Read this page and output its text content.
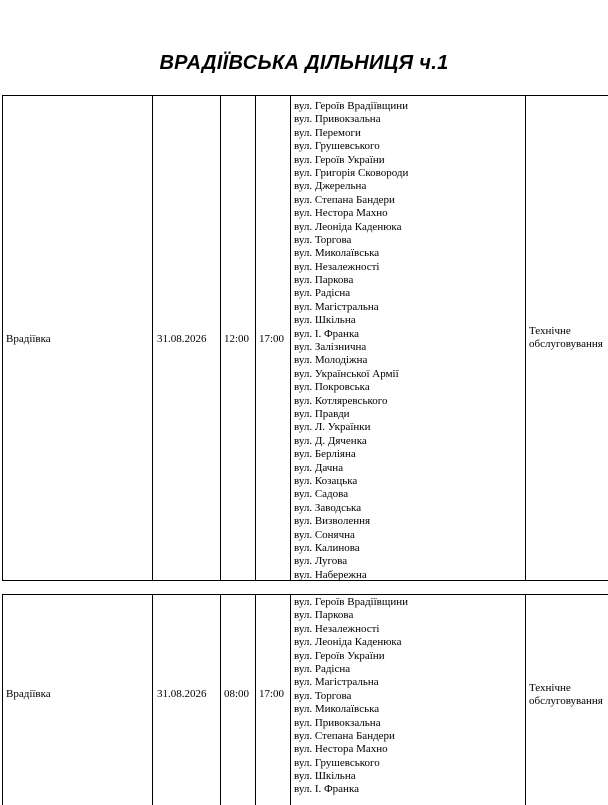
ВРАДІЇВСЬКА ДІЛЬНИЦЯ ч.1
Врадіївка	31.08.2026 12:00 17:00
вул. Героїв Врадіївщини
вул. Привокзальна
вул. Перемоги
вул. Грушевського
вул. Героїв України
вул. Григорія Сковороди
вул. Джерельна
вул. Степана Бандери
вул. Нестора Махно
вул. Леоніда Каденюка
вул. Торгова
вул. Миколаївська
вул. Незалежності
вул. Паркова
вул. Радісна
вул. Магістральна
вул. Шкільна
вул. І. Франка
вул. Залізнична
вул. Молодіжна
вул. Української Армії
вул. Покровська
вул. Котляревського
вул. Правди
вул. Л. Українки
вул. Д. Дяченка
вул. Берліяна
вул. Дачна
вул. Козацька
вул. Садова
вул. Заводська
вул. Визволення
вул. Сонячна
вул. Калинова
вул. Лугова
вул. Набережна
Технічне
обслуговування
Врадіївка	31.08.2026 08:00 17:00
вул. Героїв Врадіївщини
вул. Паркова
вул. Незалежності
вул. Леоніда Каденюка
вул. Героїв України
вул. Радісна
вул. Магістральна
вул. Торгова
вул. Миколаївська
вул. Привокзальна
вул. Степана Бандери
вул. Нестора Махно
вул. Грушевського
вул. Шкільна
вул. І. Франка
Технічне
обслуговування
